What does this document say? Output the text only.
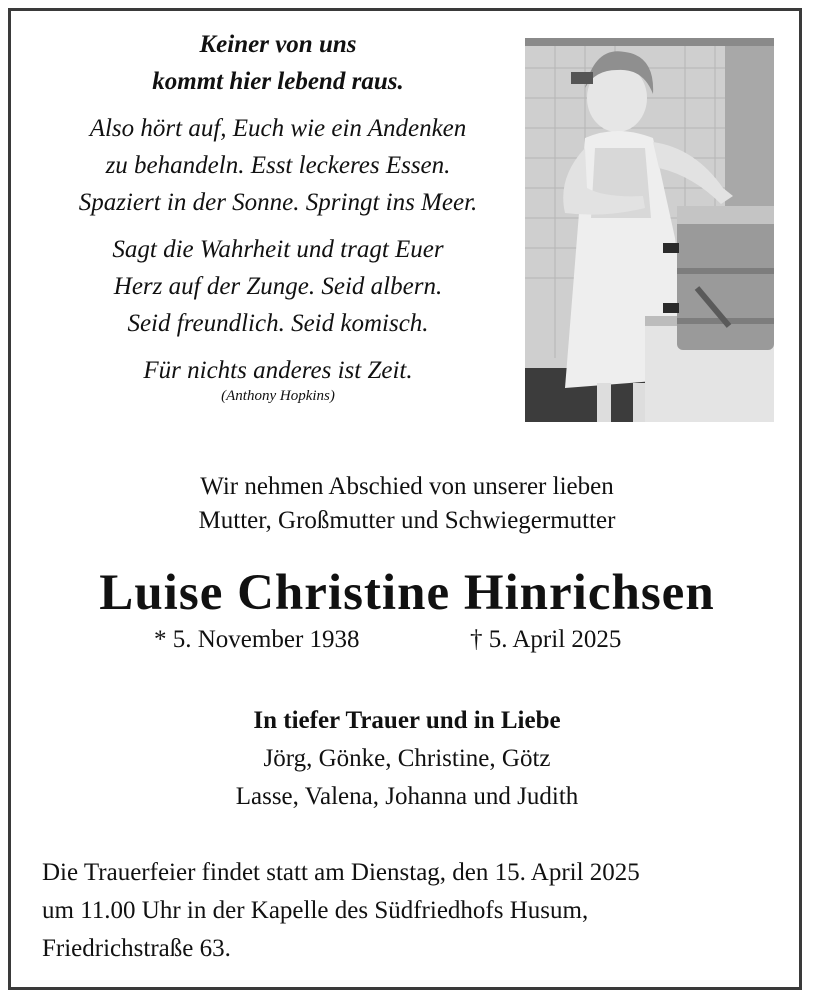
Keiner von uns

kommt hier lebend raus.

Also hört auf, Euch wie ein Andenken

zu behandeln. Esst leckeres Essen.

Spaziert in der Sonne. Springt ins Meer.

Sagt die Wahrheit und tragt Euer

Herz auf der Zunge. Seid albern.

Seid freundlich. Seid komisch.

Für nichts anderes ist Zeit.

(Anthony Hopkins)

Wir nehmen Abschied von unserer lieben

Mutter, Großmutter und Schwiegermutter

Luise Christine Hinrichsen
* 5. November 1938	† 5. April 2025

In tiefer Trauer und in Liebe

Jörg, Gönke, Christine, Götz

Lasse, Valena, Johanna und Judith

Die Trauerfeier findet statt am Dienstag, den 15. April 2025

um 11.00 Uhr in der Kapelle des Südfriedhofs Husum,

Friedrichstraße 63.
